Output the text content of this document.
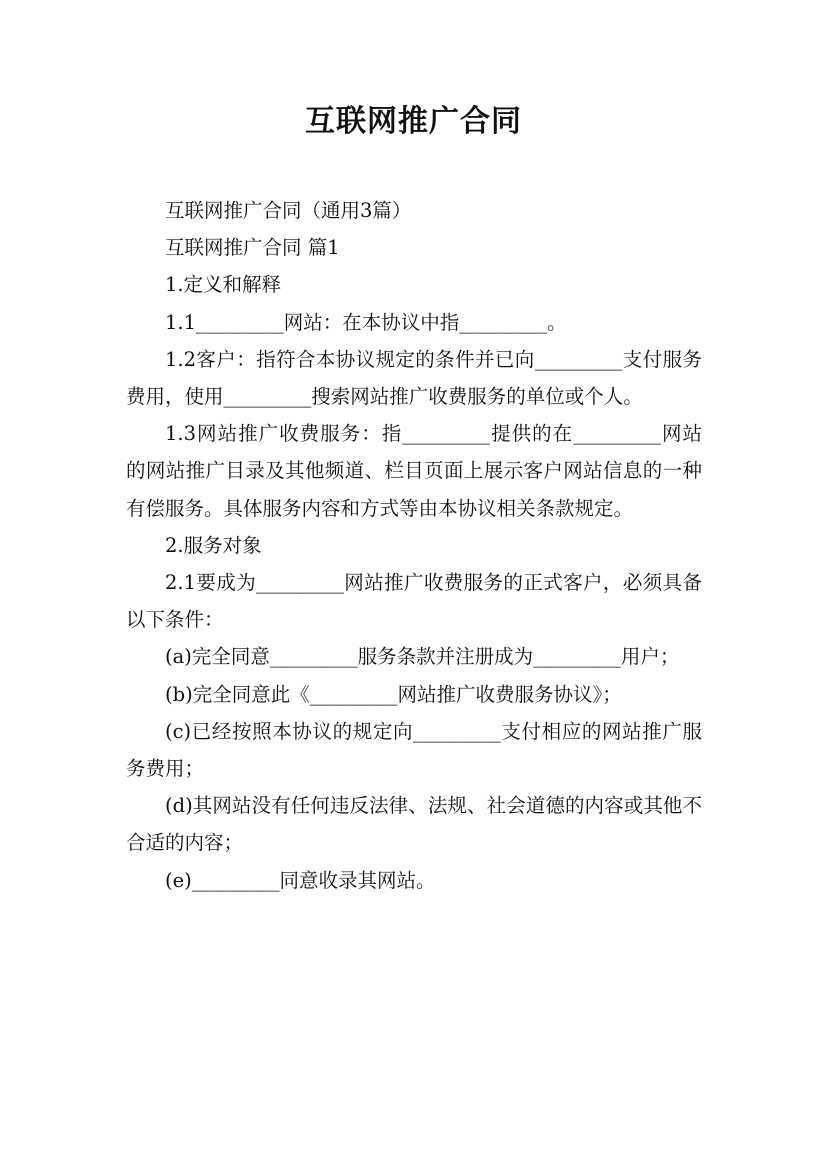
互联网推广合同

互联网推广合同（通用3篇）

互联网推广合同 篇1

1.定义和解释

1.1_________网站：在本协议中指_________。

1.2客户：指符合本协议规定的条件并已向_________支付服务费用，使用_________搜索网站推广收费服务的单位或个人。

1.3网站推广收费服务：指_________提供的在_________网站的网站推广目录及其他频道、栏目页面上展示客户网站信息的一种有偿服务。具体服务内容和方式等由本协议相关条款规定。

2.服务对象

2.1要成为_________网站推广收费服务的正式客户，必须具备以下条件：

(a)完全同意_________服务条款并注册成为_________用户；

(b)完全同意此《_________网站推广收费服务协议》；

(c)已经按照本协议的规定向_________支付相应的网站推广服务费用；

(d)其网站没有任何违反法律、法规、社会道德的内容或其他不合适的内容；

(e)_________同意收录其网站。
